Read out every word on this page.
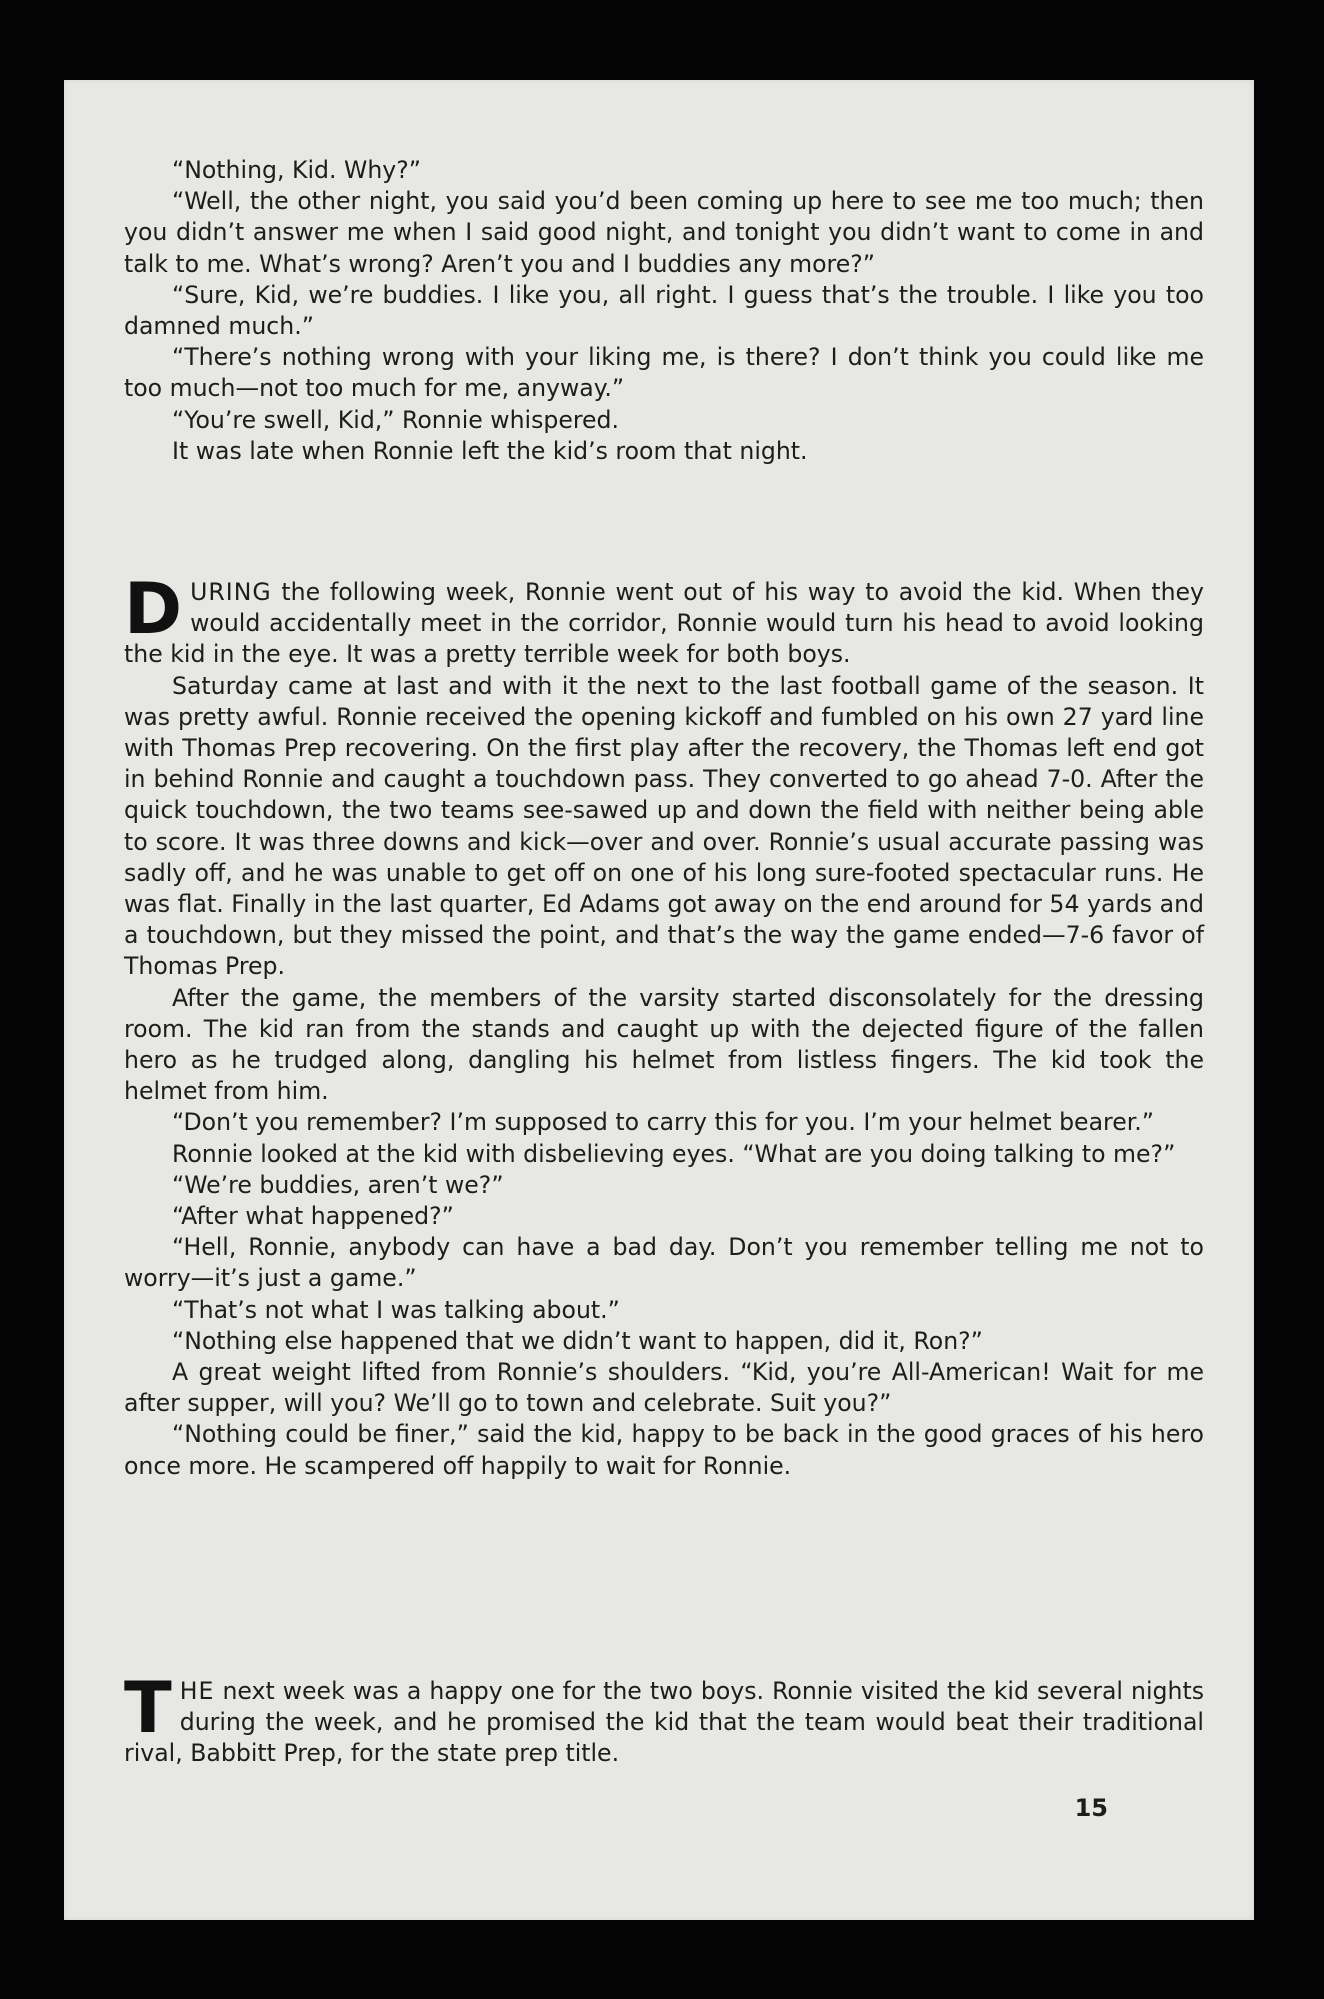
“Nothing, Kid. Why?”

“Well, the other night, you said you’d been coming up here to see me too much; then you didn’t answer me when I said good night, and tonight you didn’t want to come in and talk to me. What’s wrong? Aren’t you and I buddies any more?”

“Sure, Kid, we’re buddies. I like you, all right. I guess that’s the trouble. I like you too damned much.”

“There’s nothing wrong with your liking me, is there? I don’t think you could like me too much—not too much for me, anyway.”

“You’re swell, Kid,” Ronnie whispered.

It was late when Ronnie left the kid’s room that night.

DURING the following week, Ronnie went out of his way to avoid the kid. When they would accidentally meet in the corridor, Ronnie would turn his head to avoid looking the kid in the eye. It was a pretty terrible week for both boys.

Saturday came at last and with it the next to the last football game of the season. It was pretty awful. Ronnie received the opening kickoff and fumbled on his own 27 yard line with Thomas Prep recovering. On the first play after the recovery, the Thomas left end got in behind Ronnie and caught a touchdown pass. They converted to go ahead 7-0. After the quick touchdown, the two teams see-sawed up and down the field with neither being able to score. It was three downs and kick—over and over. Ronnie’s usual accurate passing was sadly off, and he was unable to get off on one of his long sure-footed spectacular runs. He was flat. Finally in the last quarter, Ed Adams got away on the end around for 54 yards and a touchdown, but they missed the point, and that’s the way the game ended—7-6 favor of Thomas Prep.

After the game, the members of the varsity started disconsolately for the dressing room. The kid ran from the stands and caught up with the dejected figure of the fallen hero as he trudged along, dangling his helmet from listless fingers. The kid took the helmet from him.

“Don’t you remember? I’m supposed to carry this for you. I’m your helmet bearer.”

Ronnie looked at the kid with disbelieving eyes. “What are you doing talking to me?”

“We’re buddies, aren’t we?”

“After what happened?”

“Hell, Ronnie, anybody can have a bad day. Don’t you remember telling me not to worry—it’s just a game.”

“That’s not what I was talking about.”

“Nothing else happened that we didn’t want to happen, did it, Ron?”

A great weight lifted from Ronnie’s shoulders. “Kid, you’re All-American! Wait for me after supper, will you? We’ll go to town and celebrate. Suit you?”

“Nothing could be finer,” said the kid, happy to be back in the good graces of his hero once more. He scampered off happily to wait for Ronnie.

THE next week was a happy one for the two boys. Ronnie visited the kid several nights during the week, and he promised the kid that the team would beat their traditional rival, Babbitt Prep, for the state prep title.

15
